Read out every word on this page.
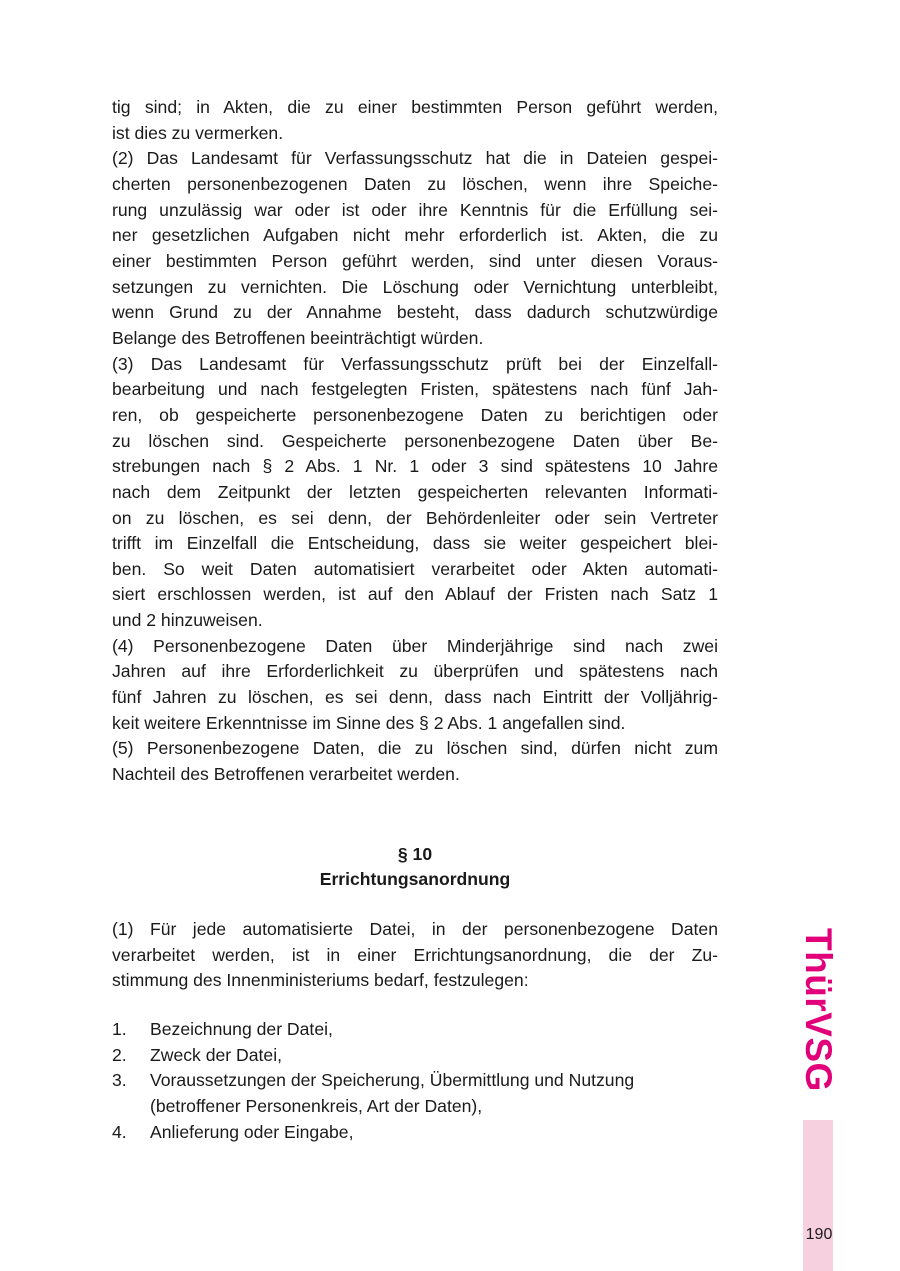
tig sind; in Akten, die zu einer bestimmten Person geführt werden,
ist dies zu vermerken.
(2) Das Landesamt für Verfassungsschutz hat die in Dateien gespei-
cherten personenbezogenen Daten zu löschen, wenn ihre Speiche-
rung unzulässig war oder ist oder ihre Kenntnis für die Erfüllung sei-
ner gesetzlichen Aufgaben nicht mehr erforderlich ist. Akten, die zu
einer bestimmten Person geführt werden, sind unter diesen Voraus-
setzungen zu vernichten. Die Löschung oder Vernichtung unterbleibt,
wenn Grund zu der Annahme besteht, dass dadurch schutzwürdige
Belange des Betroffenen beeinträchtigt würden.
(3) Das Landesamt für Verfassungsschutz prüft bei der Einzelfall-
bearbeitung und nach festgelegten Fristen, spätestens nach fünf Jah-
ren, ob gespeicherte personenbezogene Daten zu berichtigen oder
zu löschen sind. Gespeicherte personenbezogene Daten über Be-
strebungen nach § 2 Abs. 1 Nr. 1 oder 3 sind spätestens 10 Jahre
nach dem Zeitpunkt der letzten gespeicherten relevanten Informati-
on zu löschen, es sei denn, der Behördenleiter oder sein Vertreter
trifft im Einzelfall die Entscheidung, dass sie weiter gespeichert blei-
ben. So weit Daten automatisiert verarbeitet oder Akten automati-
siert erschlossen werden, ist auf den Ablauf der Fristen nach Satz 1
und 2 hinzuweisen.
(4) Personenbezogene Daten über Minderjährige sind nach zwei
Jahren auf ihre Erforderlichkeit zu überprüfen und spätestens nach
fünf Jahren zu löschen, es sei denn, dass nach Eintritt der Volljährig-
keit weitere Erkenntnisse im Sinne des § 2 Abs. 1 angefallen sind.
(5) Personenbezogene Daten, die zu löschen sind, dürfen nicht zum
Nachteil des Betroffenen verarbeitet werden.
§ 10
Errichtungsanordnung
(1) Für jede automatisierte Datei, in der personenbezogene Daten
verarbeitet werden, ist in einer Errichtungsanordnung, die der Zu-
stimmung des Innenministeriums bedarf, festzulegen:
1.	Bezeichnung der Datei,
2.	Zweck der Datei,
3.	Voraussetzungen der Speicherung, Übermittlung und Nutzung
(betroffener Personenkreis, Art der Daten),
4.	Anlieferung oder Eingabe,
ThürVSG
190
